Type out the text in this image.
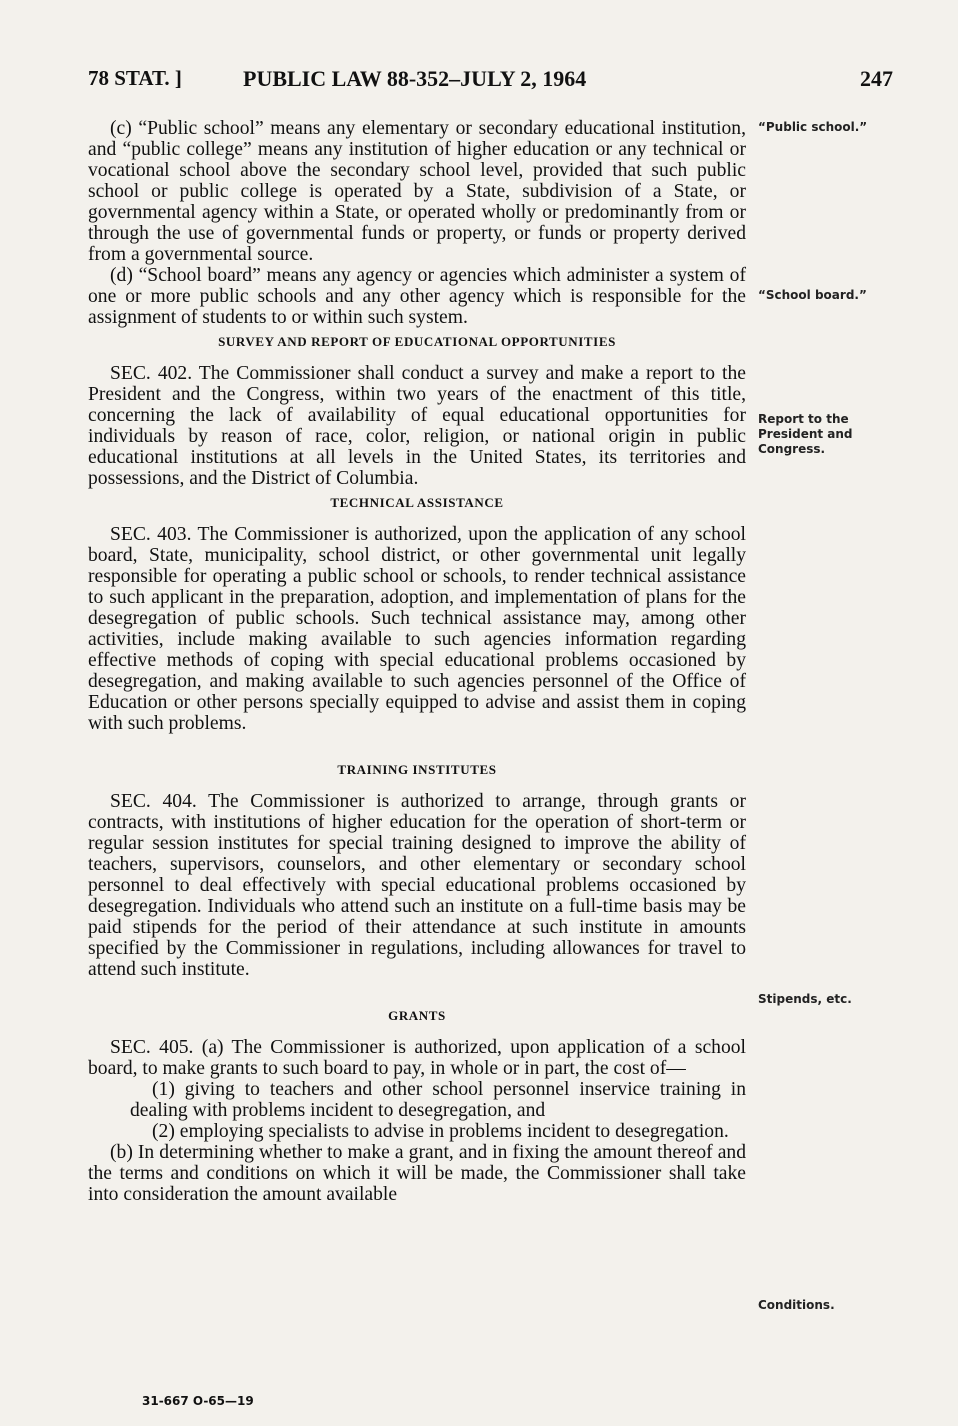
78 STAT. ]	PUBLIC LAW 88-352–JULY 2, 1964	247

(c) “Public school” means any elementary or secondary educational institution, and “public college” means any institution of higher education or any technical or vocational school above the secondary school level, provided that such public school or public college is operated by a State, subdivision of a State, or governmental agency within a State, or operated wholly or predominantly from or through the use of governmental funds or property, or funds or property derived from a governmental source.

(d) “School board” means any agency or agencies which administer a system of one or more public schools and any other agency which is responsible for the assignment of students to or within such system.

SURVEY AND REPORT OF EDUCATIONAL OPPORTUNITIES

SEC. 402. The Commissioner shall conduct a survey and make a report to the President and the Congress, within two years of the enactment of this title, concerning the lack of availability of equal educational opportunities for individuals by reason of race, color, religion, or national origin in public educational institutions at all levels in the United States, its territories and possessions, and the District of Columbia.

TECHNICAL ASSISTANCE

SEC. 403. The Commissioner is authorized, upon the application of any school board, State, municipality, school district, or other governmental unit legally responsible for operating a public school or schools, to render technical assistance to such applicant in the preparation, adoption, and implementation of plans for the desegregation of public schools. Such technical assistance may, among other activities, include making available to such agencies information regarding effective methods of coping with special educational problems occasioned by desegregation, and making available to such agencies personnel of the Office of Education or other persons specially equipped to advise and assist them in coping with such problems.

TRAINING INSTITUTES

SEC. 404. The Commissioner is authorized to arrange, through grants or contracts, with institutions of higher education for the operation of short-term or regular session institutes for special training designed to improve the ability of teachers, supervisors, counselors, and other elementary or secondary school personnel to deal effectively with special educational problems occasioned by desegregation. Individuals who attend such an institute on a full-time basis may be paid stipends for the period of their attendance at such institute in amounts specified by the Commissioner in regulations, including allowances for travel to attend such institute.

GRANTS

SEC. 405. (a) The Commissioner is authorized, upon application of a school board, to make grants to such board to pay, in whole or in part, the cost of—

(1) giving to teachers and other school personnel inservice training in dealing with problems incident to desegregation, and

(2) employing specialists to advise in problems incident to desegregation.

(b) In determining whether to make a grant, and in fixing the amount thereof and the terms and conditions on which it will be made, the Commissioner shall take into consideration the amount available

“Public school.”
“School board.”
Report to the President and Congress.
Stipends, etc.
Conditions.
31-667 O-65—19
